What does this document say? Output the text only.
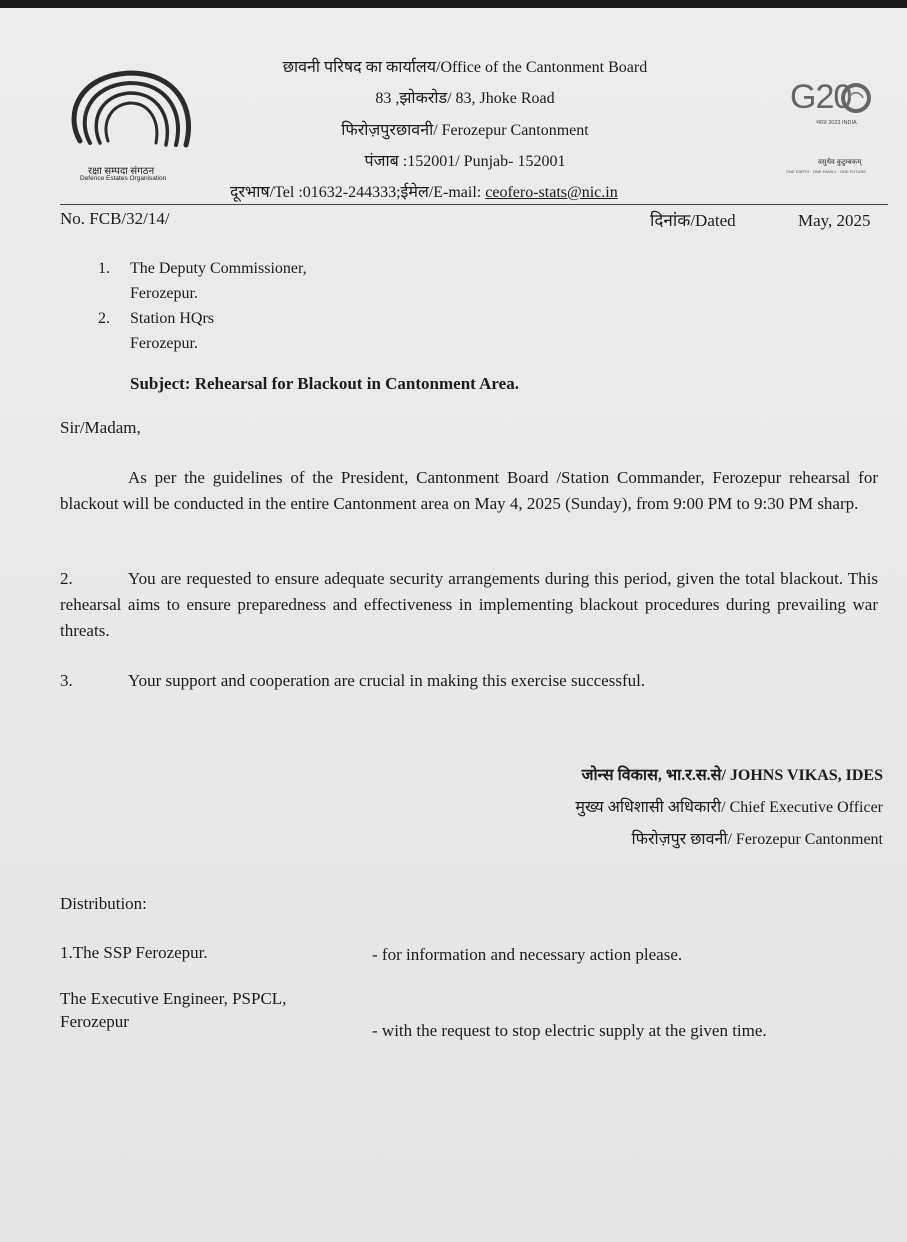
रक्षा सम्पदा संगठन
Defence Estates Organisation
छावनी परिषद का कार्यालय/Office of the Cantonment Board
83 ,झोकरोड/ 83, Jhoke Road
फिरोज़पुरछावनी/ Ferozepur Cantonment
पंजाब :152001/ Punjab- 152001
दूरभाष/Tel :01632-244333;ईमेल/E-mail: ceofero-stats@nic.in
G20
भारत 2023 INDIA
वसुधैव कुटुम्बकम्
ONE EARTH · ONE FAMILY · ONE FUTURE
No. FCB/32/14/	दिनांक/Dated	May, 2025
1. The Deputy Commissioner,
Ferozepur.
2. Station HQrs
Ferozepur.
Subject: Rehearsal for Blackout in Cantonment Area.
Sir/Madam,
As per the guidelines of the President, Cantonment Board /Station Commander, Ferozepur rehearsal for blackout will be conducted in the entire Cantonment area on May 4, 2025 (Sunday), from 9:00 PM to 9:30 PM sharp.
2.	You are requested to ensure adequate security arrangements during this period, given the total blackout. This rehearsal aims to ensure preparedness and effectiveness in implementing blackout procedures during prevailing war threats.
3.	Your support and cooperation are crucial in making this exercise successful.
जोन्स विकास, भा.र.स.से/ JOHNS VIKAS, IDES
मुख्य अधिशासी अधिकारी/ Chief Executive Officer
फिरोज़पुर छावनी/ Ferozepur Cantonment
Distribution:
1.The SSP Ferozepur.	- for information and necessary action please.
The Executive Engineer, PSPCL,
Ferozepur	- with the request to stop electric supply at the given time.
